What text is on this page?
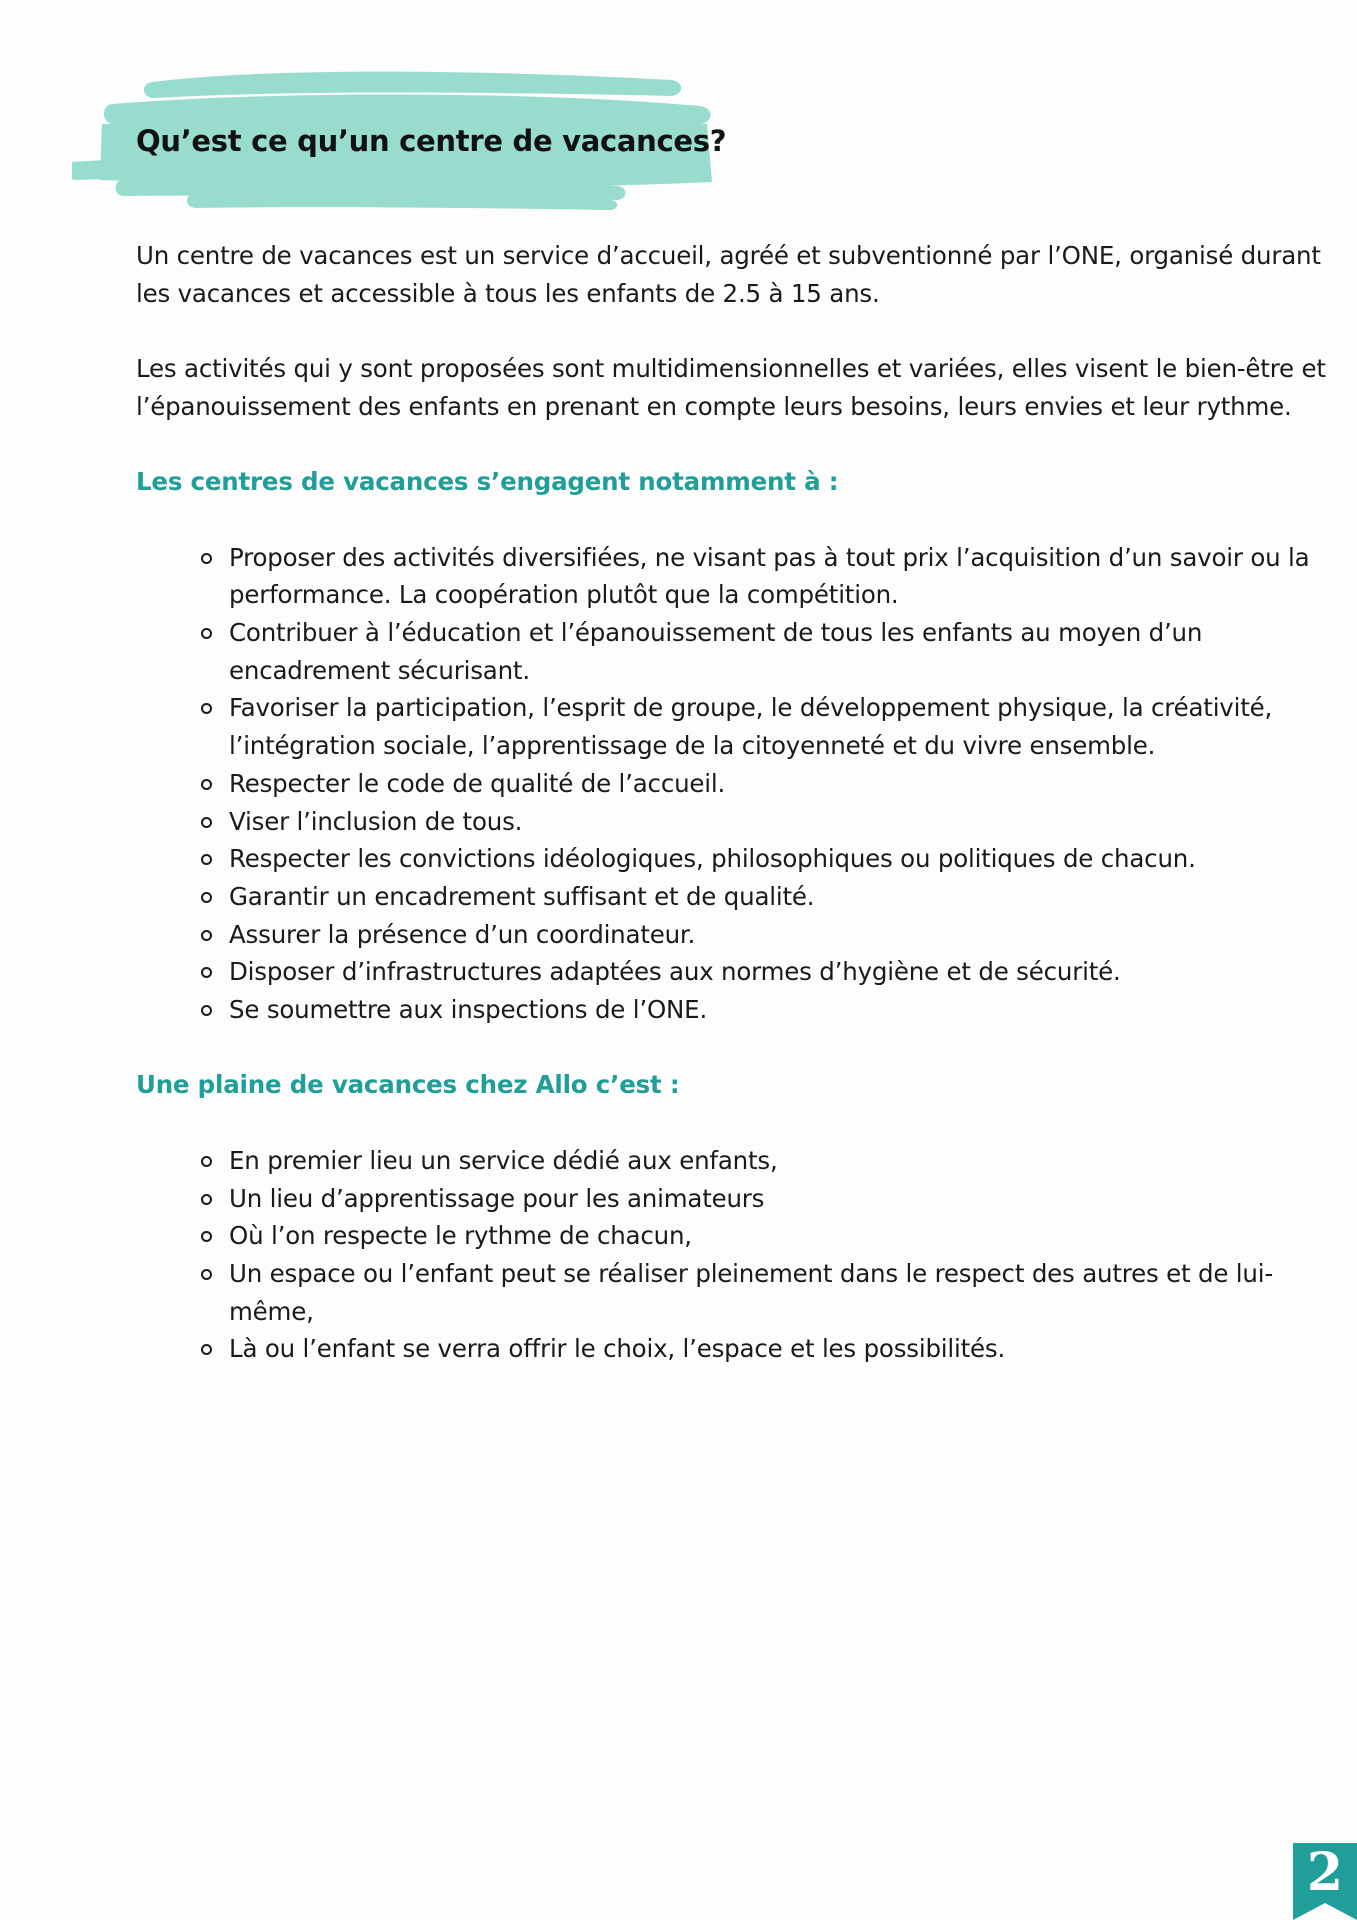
Qu’est ce qu’un centre de vacances?

Un centre de vacances est un service d’accueil, agréé et subventionné par l’ONE, organisé durant les vacances et accessible à tous les enfants de 2.5 à 15 ans.

Les activités qui y sont proposées sont multidimensionnelles et variées, elles visent le bien-être et l’épanouissement des enfants en prenant en compte leurs besoins, leurs envies et leur rythme.

Les centres de vacances s’engagent notamment à :
Proposer des activités diversifiées, ne visant pas à tout prix l’acquisition d’un savoir ou la performance. La coopération plutôt que la compétition.
Contribuer à l’éducation et l’épanouissement de tous les enfants au moyen d’un encadrement sécurisant.
Favoriser la participation, l’esprit de groupe, le développement physique, la créativité, l’intégration sociale, l’apprentissage de la citoyenneté et du vivre ensemble.
Respecter le code de qualité de l’accueil.
Viser l’inclusion de tous.
Respecter les convictions idéologiques, philosophiques ou politiques de chacun.
Garantir un encadrement suffisant et de qualité.
Assurer la présence d’un coordinateur.
Disposer d’infrastructures adaptées aux normes d’hygiène et de sécurité.
Se soumettre aux inspections de l’ONE.
Une plaine de vacances chez Allo c’est :
En premier lieu un service dédié aux enfants,
Un lieu d’apprentissage pour les animateurs
Où l’on respecte le rythme de chacun,
Un espace ou l’enfant peut se réaliser pleinement dans le respect des autres et de lui-même,
Là ou l’enfant se verra offrir le choix, l’espace et les possibilités.
2
